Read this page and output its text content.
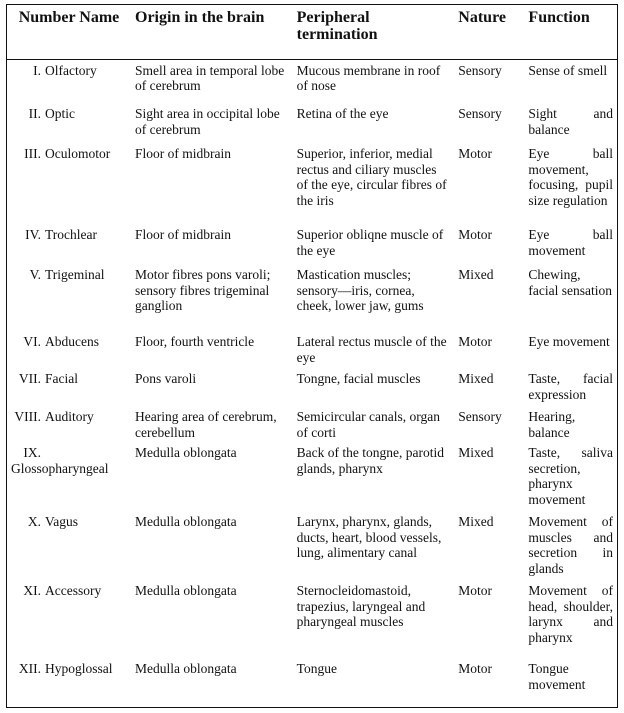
Number Name	Origin in the brain	Peripheral termination	Nature	Function
I. Olfactory	Smell area in temporal lobe of cerebrum	Mucous membrane in roof of nose	Sensory	Sense of smell
II. Optic	Sight area in occipital lobe of cerebrum	Retina of the eye	Sensory	Sight and balance
III. Oculomotor	Floor of midbrain	Superior, inferior, medial rectus and ciliary muscles of the eye, circular fibres of the iris	Motor	Eye ball movement, focusing, pupil size regulation
IV. Trochlear	Floor of midbrain	Superior obliqne muscle of the eye	Motor	Eye ball movement
V. Trigeminal	Motor fibres pons varoli; sensory fibres trigeminal ganglion	Mastication muscles; sensory—iris, cornea, cheek, lower jaw, gums	Mixed	Chewing, facial sensation
VI. Abducens	Floor, fourth ventricle	Lateral rectus muscle of the eye	Motor	Eye movement
VII. Facial	Pons varoli	Tongne, facial muscles	Mixed	Taste, facial expression
VIII. Auditory	Hearing area of cerebrum, cerebellum	Semicircular canals, organ of corti	Sensory	Hearing, balance
IX.Glossopharyngeal	Medulla oblongata	Back of the tongne, parotid glands, pharynx	Mixed	Taste, saliva secretion, pharynx movement
X. Vagus	Medulla oblongata	Larynx, pharynx, glands, ducts, heart, blood vessels, lung, alimentary canal	Mixed	Movement of muscles and secretion in glands
XI. Accessory	Medulla oblongata	Sternocleidomastoid, trapezius, laryngeal and pharyngeal muscles	Motor	Movement of head, shoulder, larynx and pharynx
XII. Hypoglossal	Medulla oblongata	Tongue	Motor	Tongue movement
